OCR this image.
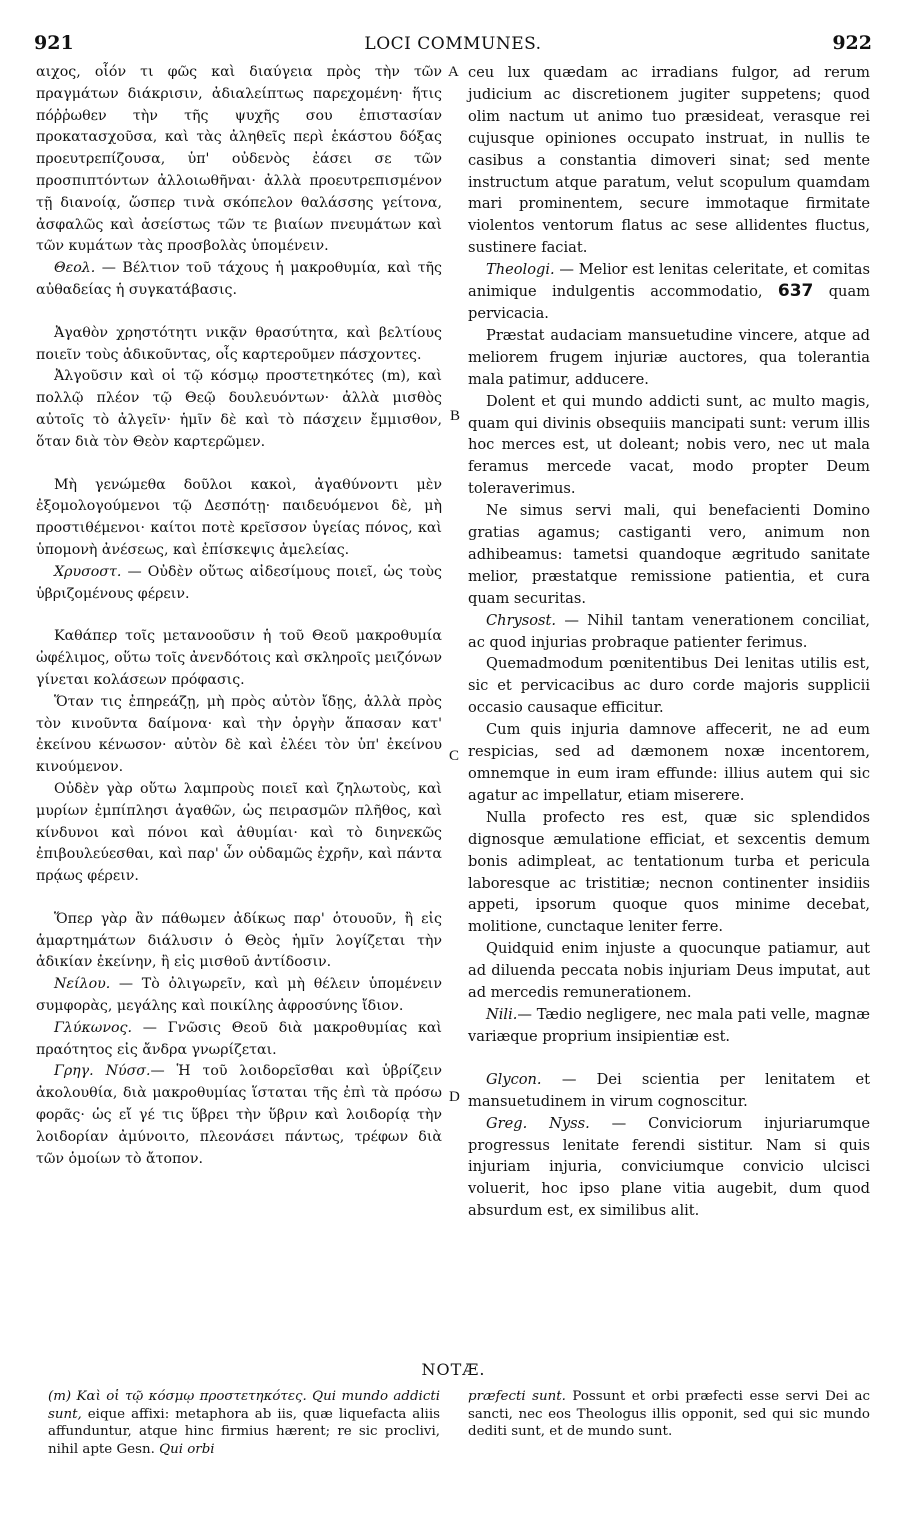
921	LOCI COMMUNES.	922

αιχος, οἷόν τι φῶς καὶ διαύγεια πρὸς τὴν τῶν πραγμάτων διάκρισιν, ἀδιαλείπτως παρεχομένη· ἥτις πόῤῥωθεν τὴν τῆς ψυχῆς σου ἐπιστασίαν προκατασχοῦσα, καὶ τὰς ἀληθεῖς περὶ ἑκάστου δόξας προευτρεπίζουσα, ὑπ' οὐδενὸς ἐάσει σε τῶν προσπιπτόντων ἀλλοιωθῆναι· ἀλλὰ προευτρεπισμένον τῇ διανοίᾳ, ὥσπερ τινὰ σκόπελον θαλάσσης γείτονα, ἀσφαλῶς καὶ ἀσείστως τῶν τε βιαίων πνευμάτων καὶ τῶν κυμάτων τὰς προσβολὰς ὑπομένειν.

Θεολ. — Βέλτιον τοῦ τάχους ἡ μακροθυμία, καὶ τῆς αὐθαδείας ἡ συγκατάβασις.

Ἀγαθὸν χρηστότητι νικᾷν θρασύτητα, καὶ βελτίους ποιεῖν τοὺς ἀδικοῦντας, οἷς καρτεροῦμεν πάσχοντες.

Ἀλγοῦσιν καὶ οἱ τῷ κόσμῳ προστετηκότες (m), καὶ πολλῷ πλέον τῷ Θεῷ δουλευόντων· ἀλλὰ μισθὸς αὐτοῖς τὸ ἀλγεῖν· ἡμῖν δὲ καὶ τὸ πάσχειν ἔμμισθον, ὅταν διὰ τὸν Θεὸν καρτερῶμεν.

Μὴ γενώμεθα δοῦλοι κακοὶ, ἀγαθύνοντι μὲν ἐξομολογούμενοι τῷ Δεσπότῃ· παιδευόμενοι δὲ, μὴ προστιθέμενοι· καίτοι ποτὲ κρεῖσσον ὑγείας πόνος, καὶ ὑπομονὴ ἀνέσεως, καὶ ἐπίσκεψις ἀμελείας.

Χρυσοστ. — Οὐδὲν οὕτως αἰδεσίμους ποιεῖ, ὡς τοὺς ὑβριζομένους φέρειν.

Καθάπερ τοῖς μετανοοῦσιν ἡ τοῦ Θεοῦ μακροθυμία ὠφέλιμος, οὕτω τοῖς ἀνενδότοις καὶ σκληροῖς μειζόνων γίνεται κολάσεων πρόφασις.

Ὅταν τις ἐπηρεάζῃ, μὴ πρὸς αὐτὸν ἴδῃς, ἀλλὰ πρὸς τὸν κινοῦντα δαίμονα· καὶ τὴν ὀργὴν ἅπασαν κατ' ἐκείνου κένωσον· αὐτὸν δὲ καὶ ἐλέει τὸν ὑπ' ἐκείνου κινούμενον.

Οὐδὲν γὰρ οὕτω λαμπροὺς ποιεῖ καὶ ζηλωτοὺς, καὶ μυρίων ἐμπίπλησι ἀγαθῶν, ὡς πειρασμῶν πλῆθος, καὶ κίνδυνοι καὶ πόνοι καὶ ἀθυμίαι· καὶ τὸ διηνεκῶς ἐπιβουλεύεσθαι, καὶ παρ' ὧν οὐδαμῶς ἐχρῆν, καὶ πάντα πρᾴως φέρειν.

Ὅπερ γὰρ ἂν πάθωμεν ἀδίκως παρ' ὁτουοῦν, ἢ εἰς ἁμαρτημάτων διάλυσιν ὁ Θεὸς ἡμῖν λογίζεται τὴν ἀδικίαν ἐκείνην, ἢ εἰς μισθοῦ ἀντίδοσιν.

Νείλου. — Τὸ ὀλιγωρεῖν, καὶ μὴ θέλειν ὑπομένειν συμφορὰς, μεγάλης καὶ ποικίλης ἀφροσύνης ἴδιον.

Γλύκωνος. — Γνῶσις Θεοῦ διὰ μακροθυμίας καὶ πραότητος εἰς ἄνδρα γνωρίζεται.

Γρηγ. Νύσσ.— Ἡ τοῦ λοιδορεῖσθαι καὶ ὑβρίζειν ἀκολουθία, διὰ μακροθυμίας ἵσταται τῆς ἐπὶ τὰ πρόσω φορᾶς· ὡς εἴ γέ τις ὕβρει τὴν ὕβριν καὶ λοιδορίᾳ τὴν λοιδορίαν ἀμύνοιτο, πλεονάσει πάντως, τρέφων διὰ τῶν ὁμοίων τὸ ἄτοπον.

ceu lux quædam ac irradians fulgor, ad rerum judicium ac discretionem jugiter suppetens; quod olim nactum ut animo tuo præsideat, verasque rei cujusque opiniones occupato instruat, in nullis te casibus a constantia dimoveri sinat; sed mente instructum atque paratum, velut scopulum quamdam mari prominentem, secure immotaque firmitate violentos ventorum flatus ac sese allidentes fluctus, sustinere faciat.

Theologi. — Melior est lenitas celeritate, et comitas animique indulgentis accommodatio, 637 quam pervicacia.

Præstat audaciam mansuetudine vincere, atque ad meliorem frugem injuriæ auctores, qua tolerantia mala patimur, adducere.

Dolent et qui mundo addicti sunt, ac multo magis, quam qui divinis obsequiis mancipati sunt: verum illis hoc merces est, ut doleant; nobis vero, nec ut mala feramus mercede vacat, modo propter Deum toleraverimus.

Ne simus servi mali, qui benefacienti Domino gratias agamus; castiganti vero, animum non adhibeamus: tametsi quandoque ægritudo sanitate melior, præstatque remissione patientia, et cura quam securitas.

Chrysost. — Nihil tantam venerationem conciliat, ac quod injurias probraque patienter ferimus.

Quemadmodum pœnitentibus Dei lenitas utilis est, sic et pervicacibus ac duro corde majoris supplicii occasio causaque efficitur.

Cum quis injuria damnove affecerit, ne ad eum respicias, sed ad dæmonem noxæ incentorem, omnemque in eum iram effunde: illius autem qui sic agatur ac impellatur, etiam miserere.

Nulla profecto res est, quæ sic splendidos dignosque æmulatione efficiat, et sexcentis demum bonis adimpleat, ac tentationum turba et pericula laboresque ac tristitiæ; necnon continenter insidiis appeti, ipsorum quoque quos minime decebat, molitione, cunctaque leniter ferre.

Quidquid enim injuste a quocunque patiamur, aut ad diluenda peccata nobis injuriam Deus imputat, aut ad mercedis remunerationem.

Nili.— Tædio negligere, nec mala pati velle, magnæ variæque proprium insipientiæ est.

Glycon. — Dei scientia per lenitatem et mansuetudinem in virum cognoscitur.

Greg. Nyss. — Conviciorum injuriarumque progressus lenitate ferendi sistitur. Nam si quis injuriam injuria, conviciumque convicio ulcisci voluerit, hoc ipso plane vitia augebit, dum quod absurdum est, ex similibus alit.

A
B
C
D
NOTÆ.

(m) Καὶ οἱ τῷ κόσμῳ προστετηκότες. Qui mundo addicti sunt, eique affixi: metaphora ab iis, quæ liquefacta aliis affunduntur, atque hinc firmius hærent; re sic proclivi, nihil apte Gesn. Qui orbi

præfecti sunt. Possunt et orbi præfecti esse servi Dei ac sancti, nec eos Theologus illis opponit, sed qui sic mundo dediti sunt, et de mundo sunt.
